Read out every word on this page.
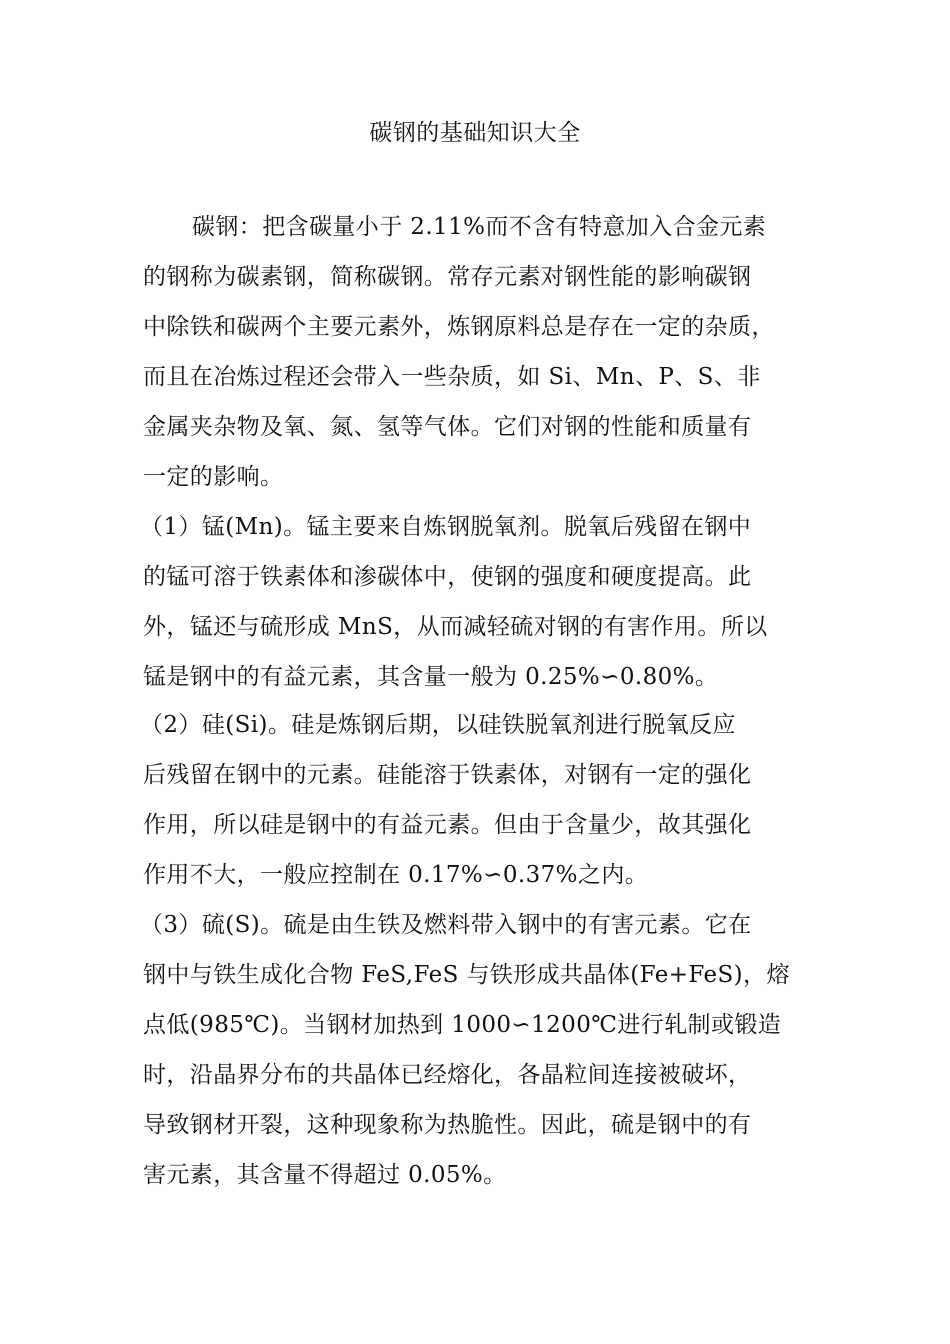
碳钢的基础知识大全
碳钢：把含碳量小于 2.11%而不含有特意加入合金元素
的钢称为碳素钢，简称碳钢。常存元素对钢性能的影响碳钢
中除铁和碳两个主要元素外，炼钢原料总是存在一定的杂质，
而且在冶炼过程还会带入一些杂质，如 Si、Mn、P、S、非
金属夹杂物及氧、氮、氢等气体。它们对钢的性能和质量有
一定的影响。
（1）锰(Mn)。锰主要来自炼钢脱氧剂。脱氧后残留在钢中
的锰可溶于铁素体和渗碳体中，使钢的强度和硬度提高。此
外，锰还与硫形成 MnS，从而减轻硫对钢的有害作用。所以
锰是钢中的有益元素，其含量一般为 0.25%∽0.80%。
（2）硅(Si)。硅是炼钢后期，以硅铁脱氧剂进行脱氧反应
后残留在钢中的元素。硅能溶于铁素体，对钢有一定的强化
作用，所以硅是钢中的有益元素。但由于含量少，故其强化
作用不大，一般应控制在 0.17%∽0.37%之内。
（3）硫(S)。硫是由生铁及燃料带入钢中的有害元素。它在
钢中与铁生成化合物 FeS,FeS 与铁形成共晶体(Fe+FeS)，熔
点低(985℃)。当钢材加热到 1000∽1200℃进行轧制或锻造
时，沿晶界分布的共晶体已经熔化，各晶粒间连接被破坏，
导致钢材开裂，这种现象称为热脆性。因此，硫是钢中的有
害元素，其含量不得超过 0.05%。
